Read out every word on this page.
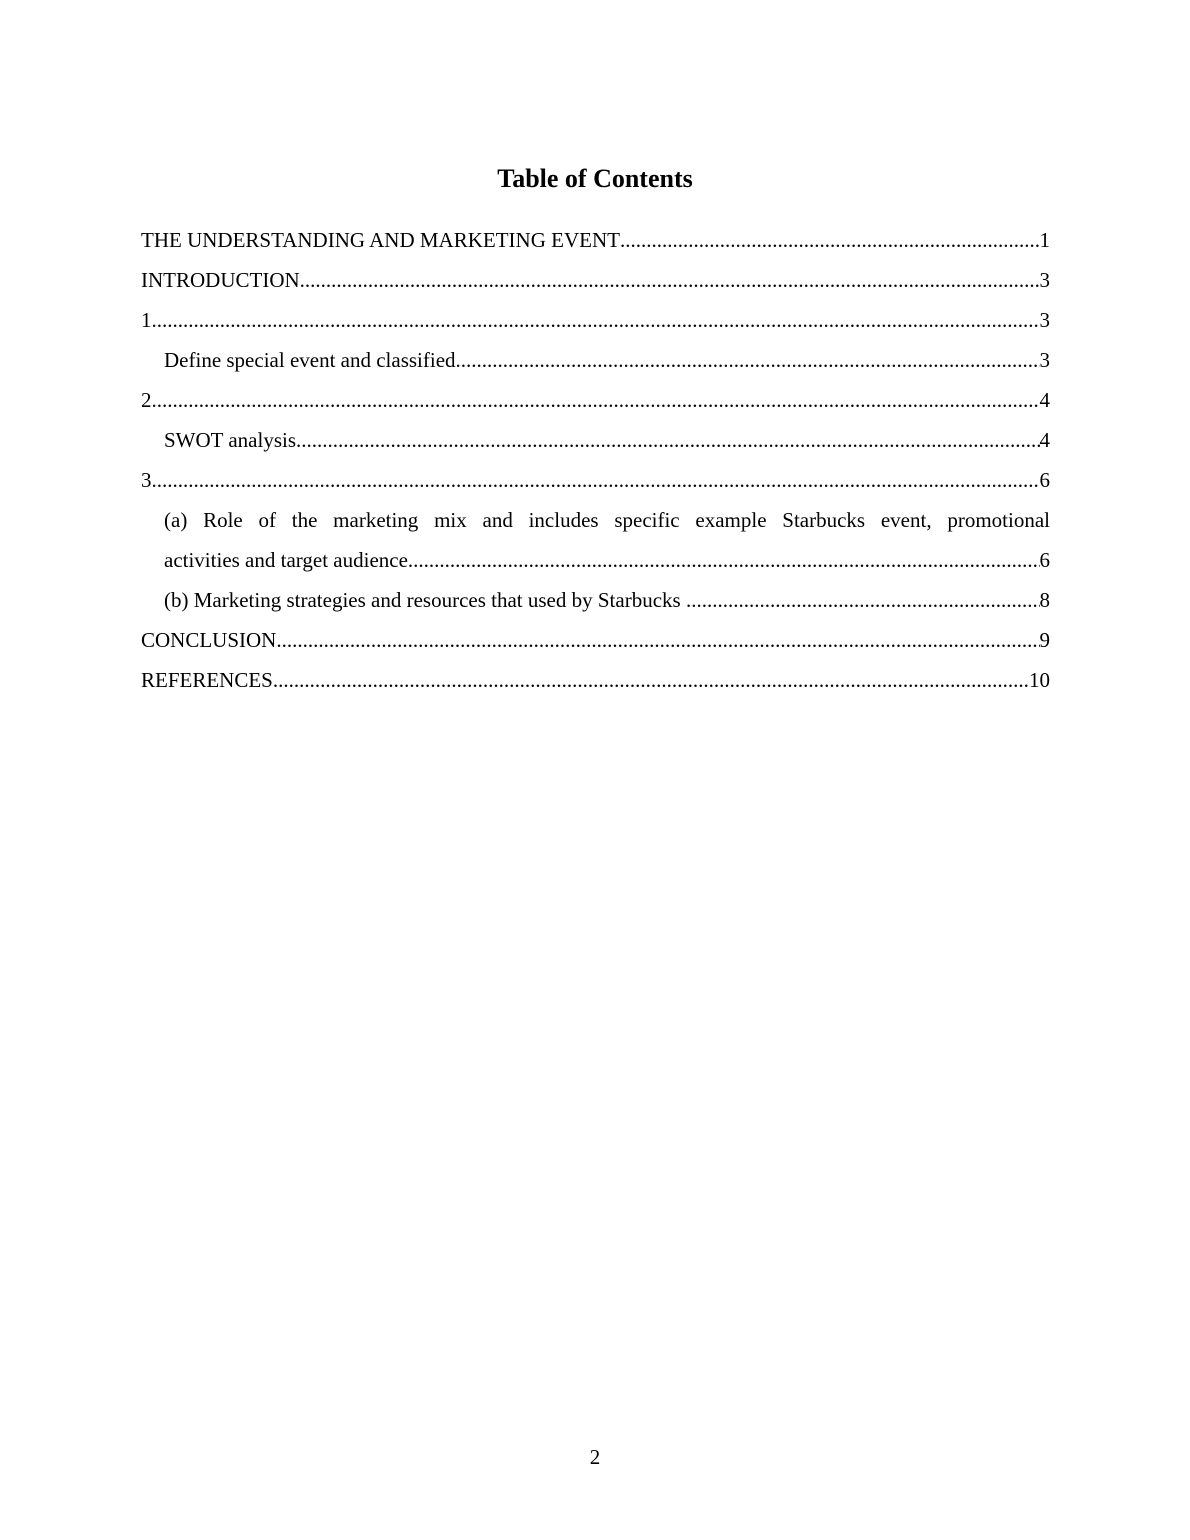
Table of Contents
THE UNDERSTANDING AND MARKETING EVENT .....	1
INTRODUCTION .....	3
1 .....	3
Define special event and classified .....	3
2 .....	4
SWOT analysis .....	4
3 .....	6
(a) Role of the marketing mix and includes specific example Starbucks event, promotional
activities and target audience .....	6
(b) Marketing strategies and resources that used by Starbucks .....	8
CONCLUSION .....	9
REFERENCES .....	10
2
